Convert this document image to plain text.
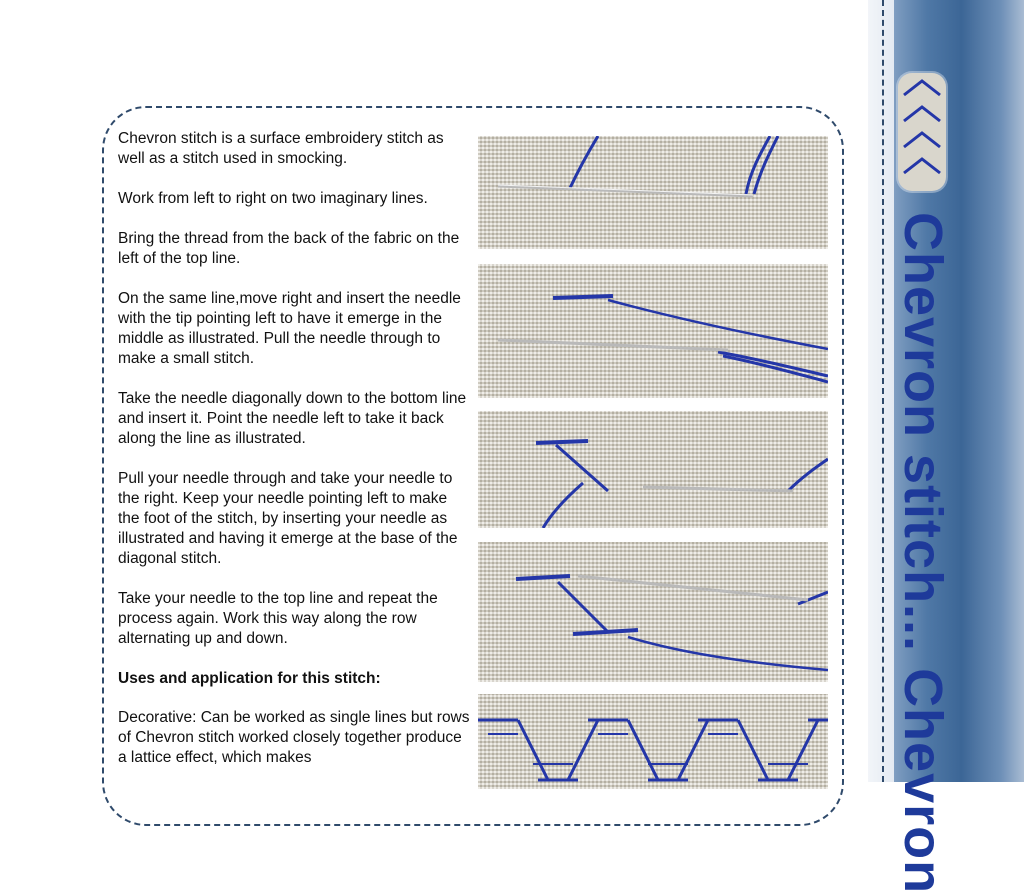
Chevron stitch is a surface embroidery stitch as well as a stitch used in smocking.

Work from left to right on two imaginary lines.

Bring the thread from the back of the fabric on the left of the top line.

On the same line,move right and insert the needle with the tip pointing left to have it emerge in the middle as illustrated. Pull the needle through to make a small stitch.

Take the needle diagonally down to the bottom line and insert it. Point the needle left to take it back along the line as illustrated.

Pull your needle through and take your needle to the right. Keep your needle pointing left to make the foot of the stitch, by inserting your needle as illustrated and having it emerge at the base of the diagonal stitch.

Take your needle to the top line and repeat the process again. Work this way along the row alternating up and down.

Uses and application for this stitch:

Decorative: Can be worked as single lines but rows of Chevron stitch worked closely together produce a lattice effect, which makes	Chevron stitch... Chevron
